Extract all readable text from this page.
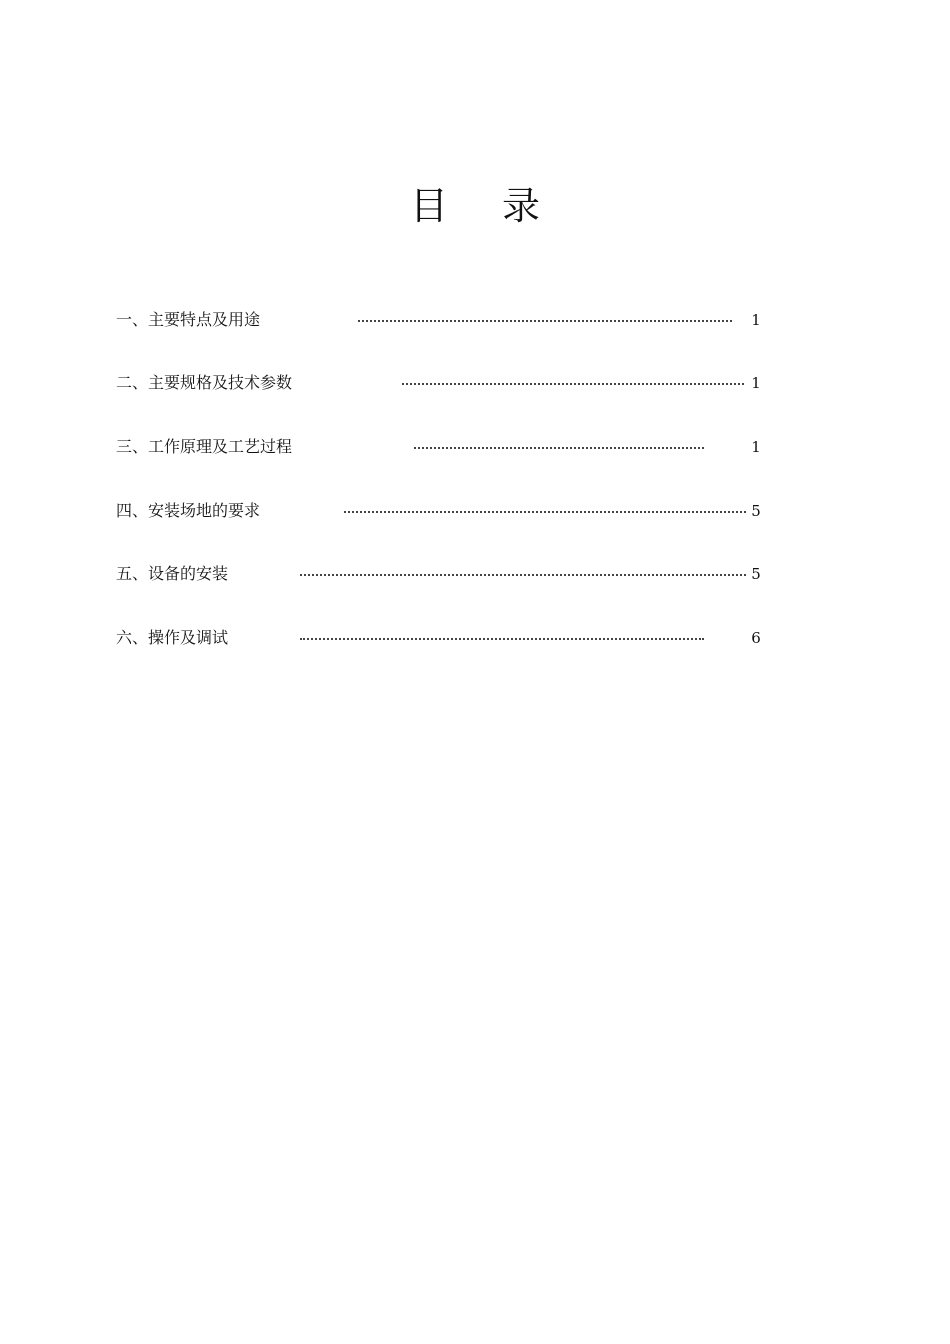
目 录
一、主要特点及用途	1
二、主要规格及技术参数	1
三、工作原理及工艺过程	1
四、安装场地的要求	5
五、设备的安装	5
六、操作及调试	6
